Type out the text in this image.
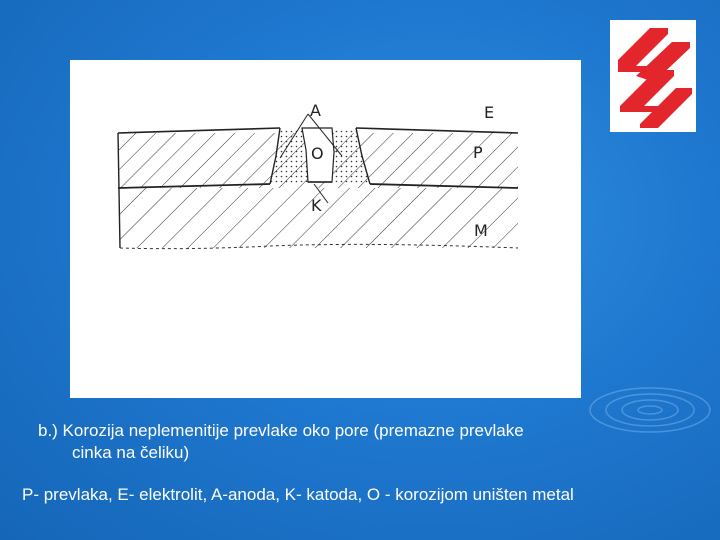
A	E
O	P
K
M
b.) Korozija neplemenitije prevlake oko pore (premazne prevlake
cinka na čeliku)
P- prevlaka, E- elektrolit, A-anoda, K- katoda, O - korozijom uništen metal
